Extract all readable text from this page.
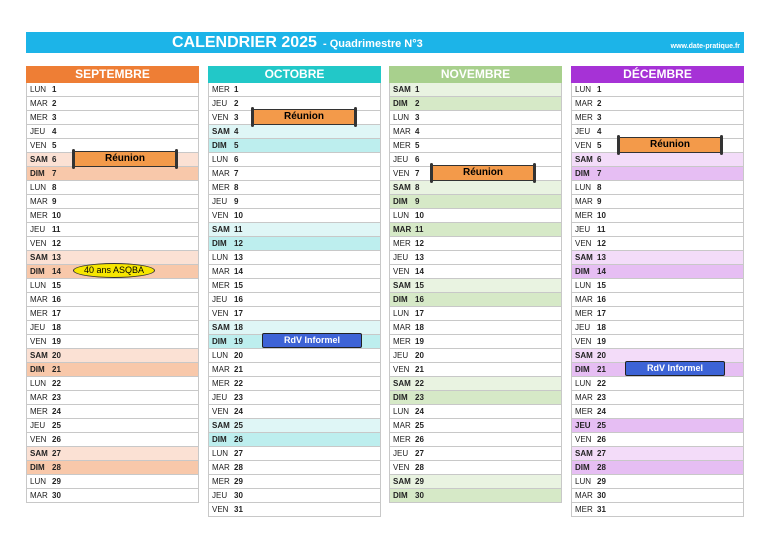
CALENDRIER 2025 - Quadrimestre N°3	www.date-pratique.fr
SEPTEMBRE
LUN 1
MAR 2
MER 3
JEU 4
VEN 5
SAM 6
DIM 7
LUN 8
MAR 9
MER 10
JEU 11
VEN 12
SAM 13
DIM 14
LUN 15
MAR 16
MER 17
JEU 18
VEN 19
SAM 20
DIM 21
LUN 22
MAR 23
MER 24
JEU 25
VEN 26
SAM 27
DIM 28
LUN 29
MAR 30
Réunion
40 ans ASQBA
OCTOBRE
MER 1
JEU 2
VEN 3
SAM 4
DIM 5
LUN 6
MAR 7
MER 8
JEU 9
VEN 10
SAM 11
DIM 12
LUN 13
MAR 14
MER 15
JEU 16
VEN 17
SAM 18
DIM 19
LUN 20
MAR 21
MER 22
JEU 23
VEN 24
SAM 25
DIM 26
LUN 27
MAR 28
MER 29
JEU 30
VEN 31
Réunion
RdV Informel
NOVEMBRE
SAM 1
DIM 2
LUN 3
MAR 4
MER 5
JEU 6
VEN 7
SAM 8
DIM 9
LUN 10
MAR 11
MER 12
JEU 13
VEN 14
SAM 15
DIM 16
LUN 17
MAR 18
MER 19
JEU 20
VEN 21
SAM 22
DIM 23
LUN 24
MAR 25
MER 26
JEU 27
VEN 28
SAM 29
DIM 30
Réunion
DÉCEMBRE
LUN 1
MAR 2
MER 3
JEU 4
VEN 5
SAM 6
DIM 7
LUN 8
MAR 9
MER 10
JEU 11
VEN 12
SAM 13
DIM 14
LUN 15
MAR 16
MER 17
JEU 18
VEN 19
SAM 20
DIM 21
LUN 22
MAR 23
MER 24
JEU 25
VEN 26
SAM 27
DIM 28
LUN 29
MAR 30
MER 31
Réunion
RdV Informel
